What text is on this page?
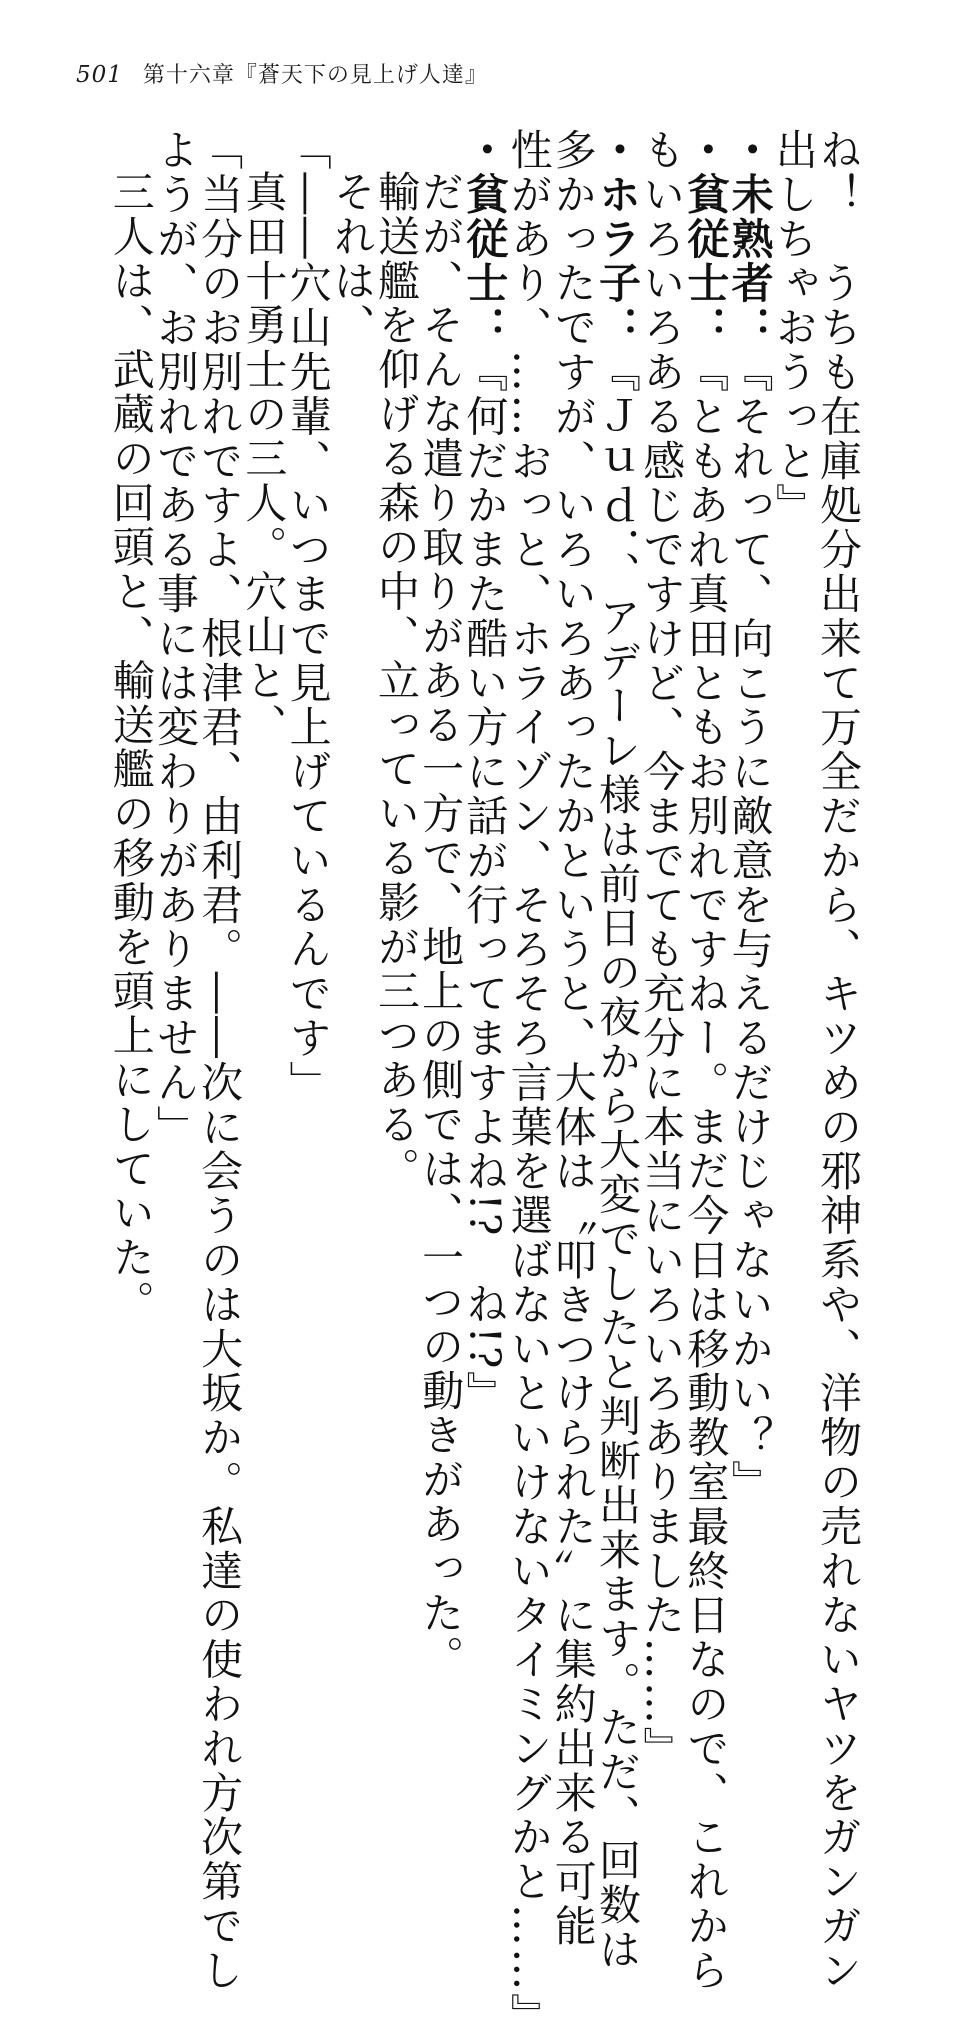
501 第十六章『蒼天下の見上げ人達』
ね！　うちも在庫処分出来て万全だから、キツめの邪神系や、洋物の売れないヤツをガンガン
出しちゃおうっと』
・未熟者：『それって、向こうに敵意を与えるだけじゃないかい？』
・貧従士：『ともあれ真田ともお別れですねー。まだ今日は移動教室最終日なので、これから
もいろいろある感じですけど、今までても充分に本当にいろいろありました……』
・ホラ子：『Ｊｕｄ．、アデーレ様は前日の夜から大変でしたと判断出来ます。ただ、回数は
多かったですが、いろいろあったかというと、大体は〝叩きつけられた〟に集約出来る可能
性があり、……おっと、ホライゾン、そろそろ言葉を選ばないといけないタイミングかと……』
・貧従士：『何だかまた酷い方に話が行ってますよね!?　ね!?』
だが、そんな遣り取りがある一方で、地上の側では、一つの動きがあった。
輸送艦を仰げる森の中、立っている影が三つある。
それは、
「――穴山先輩、いつまで見上げているんです」
真田十勇士の三人。穴山と、
「当分のお別れですよ、根津君、由利君。――次に会うのは大坂か。私達の使われ方次第でし
ようが、お別れである事には変わりがありません」
三人は、武蔵の回頭と、輸送艦の移動を頭上にしていた。
